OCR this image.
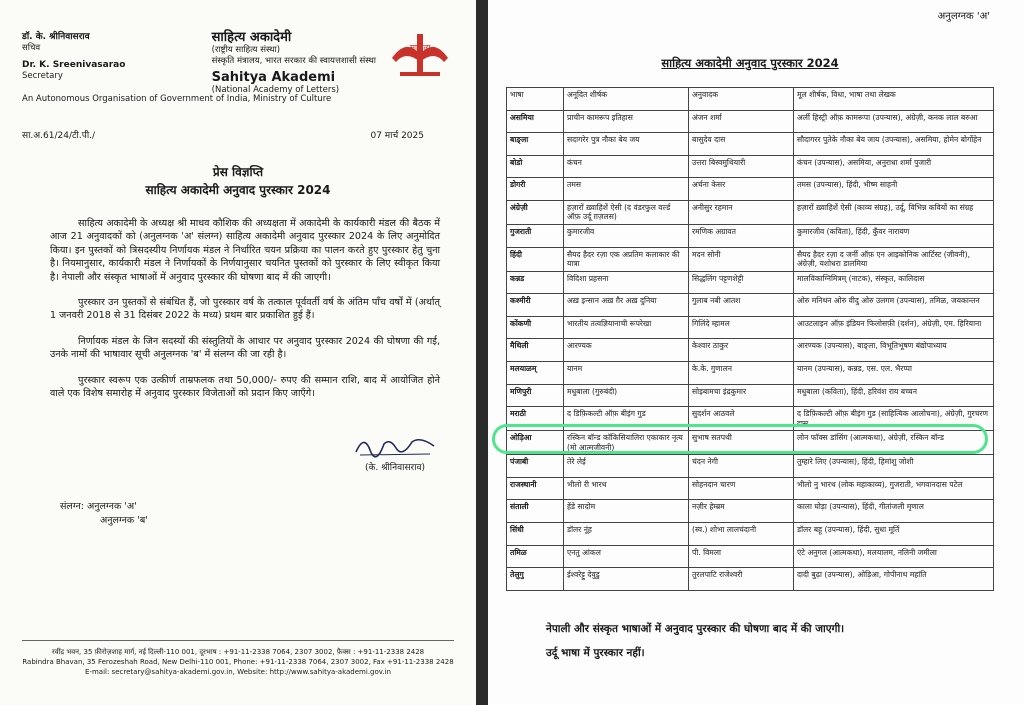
डॉ. के. श्रीनिवासराव
सचिव
Dr. K. Sreenivasarao
Secretary
साहित्य अकादेमी
(राष्ट्रीय साहित्य संस्था)
संस्कृति मंत्रालय, भारत सरकार की स्वायत्तशासी संस्था
Sahitya Akademi
(National Academy of Letters)
An Autonomous Organisation of Government of India, Ministry of Culture
साहित्य
सा.अ.61/24/टी.पी./	07 मार्च 2025
प्रेस विज्ञप्ति
साहित्य अकादेमी अनुवाद पुरस्कार 2024

साहित्य अकादेमी के अध्यक्ष श्री माधव कौशिक की अध्यक्षता में अकादेमी के कार्यकारी मंडल की बैठक में आज 21 अनुवादकों को (अनुलग्नक 'अ' संलग्न) साहित्य अकादेमी अनुवाद पुरस्कार 2024 के लिए अनुमोदित किया। इन पुस्तकों को त्रिसदस्यीय निर्णायक मंडल ने निर्धारित चयन प्रक्रिया का पालन करते हुए पुरस्कार हेतु चुना है। नियमानुसार, कार्यकारी मंडल ने निर्णायकों के निर्णयानुसार चयनित पुस्तकों को पुरस्कार के लिए स्वीकृत किया है। नेपाली और संस्कृत भाषाओं में अनुवाद पुरस्कार की घोषणा बाद में की जाएगी।

पुरस्कार उन पुस्तकों से संबंधित हैं, जो पुरस्कार वर्ष के तत्काल पूर्ववर्ती वर्ष के अंतिम पाँच वर्षों में (अर्थात् 1 जनवरी 2018 से 31 दिसंबर 2022 के मध्य) प्रथम बार प्रकाशित हुई हैं।

निर्णायक मंडल के जिन सदस्यों की संस्तुतियों के आधार पर अनुवाद पुरस्कार 2024 की घोषणा की गई, उनके नामों की भाषावार सूची अनुलग्नक 'ब' में संलग्न की जा रही है।

पुरस्कार स्वरूप एक उत्कीर्ण ताम्रफलक तथा 50,000/- रुपए की सम्मान राशि, बाद में आयोजित होने वाले एक विशेष समारोह में अनुवाद पुरस्कार विजेताओं को प्रदान किए जाएँगे।

(के. श्रीनिवासराव)
संलग्न: अनुलग्नक 'अ'
अनुलग्नक 'ब'
रवींद्र भवन, 35 फ़ीरोज़शाह मार्ग, नई दिल्ली-110 001, दूरभाष : +91-11-2338 7064, 2307 3002, फ़ैक्स : +91-11-2338 2428
Rabindra Bhavan, 35 Ferozeshah Road, New Delhi-110 001, Phone: +91-11-2338 7064, 2307 3002, Fax +91-11-2338 2428
E-mail: secretary@sahitya-akademi.gov.in, Website: http://www.sahitya-akademi.gov.in
अनुलग्नक 'अ'
साहित्य अकादेमी अनुवाद पुरस्कार 2024
भाषा	अनूदित शीर्षक	अनुवादक	मूल शीर्षक, विधा, भाषा तथा लेखक
असमिया	प्राचीन कामरूप इतिहास	अंजन शर्मा	अर्ली हिस्ट्री ऑफ़ कामरूपा (उपन्यास), अंग्रेज़ी, कनक लाल बरुआ
बाङ्ला	सदागरेर पुत्र नौका बेय जय	बासुदेव दास	सौदागरर पुतेके नौका बेय जाय (उपन्यास), असमिया, होमेन बोर्गोहेन
बोडो	कंचन	उत्तरा बिस्वमुथियारी	कंचन (उपन्यास), असमिया, अनुराधा शर्मा पुजारी
डोगरी	तमस	अर्चना केसर	तमस (उपन्यास), हिंदी, भीष्म साहनी
अंग्रेज़ी	हज़ारों ख़्वाहिशें ऐसी (द वंडरफुल वर्ल्ड ऑफ़ उर्दू ग़ज़लस)	अनीसुर रहमान	हज़ारों ख़्वाहिशें ऐसी (काव्य संग्रह), उर्दू, विभिन्न कवियों का संग्रह
गुजराती	कुमारजीव	रमणिक अग्रावत	कुमारजीव (कविता), हिंदी, कुँवर नारायण
हिंदी	सैयद हैदर रज़ा एक अप्रतिम कलाकार की यात्रा	मदन सोनी	सैयद हैदर रज़ा द जर्नी ऑफ़ एन आइकोनिक आर्टिस्ट (जीवनी), अंग्रेज़ी, यशोधरा डालमिया
कन्नड	विदिशा प्रहसना	सिद्धलिंग पट्टणशेट्टी	मालविकाग्निमित्रम् (नाटक), संस्कृत, कालिदास
कश्मीरी	अख़ इन्सान अख़ ग़ैर अख़ दुनिया	गुलाब नबी आतश	ओरु मनिथन ओरु वीदु ओरु उलगम (उपन्यास), तमिळ, जयकान्तन
कोंकणी	भारतीय तत्वज्ञियानाची रूपरेखा	गिलिंदे म्हामल	आउटलाइन ऑफ़ इंडियन फिलोसफ़ी (दर्शन), अंग्रेज़ी, एम. हिरियाना
मैथिली	आरण्यक	केश्वार ठाकुर	आरण्यक (उपन्यास), बाङ्ला, विभूतिभूषण बंद्योपाध्याय
मलयाळम्	यानम	के.के. गुणालन	यानम (उपन्यास), कन्नड, एस. एल. भैरप्पा
मणिपुरी	मधुबाला (गुरुबंदी)	सोइबामचा इंद्रकुमार	मधुबाला (कविता), हिंदी, हरिवंश राय बच्चन
मराठी	द डिफ़िकल्टी ऑफ़ बीइंग गुड	सुदर्शन आठवले	द डिफ़िकल्टी ऑफ़ बीइंग गुड (साहित्यिक आलोचना), अंग्रेज़ी, गुरचरण दास
ओड़िआ	रस्किन बॉन्ड कॉकिसियालिरा एकाकार नृत्य (मो आत्मजीवनी)	सुभाष सतपथी	लोन फॉक्स डांसिंग (आत्मकथा), अंग्रेज़ी, रस्किन बॉन्ड
पंजाबी	तेरे लेई	चंदन नेगी	तुम्हारे लिए (उपन्यास), हिंदी, हिमांशु जोशी
राजस्थानी	भीलो री भारथ	सोहनदान चारण	भीलो नु भारथ (लोक महाकाव्य), गुजराती, भगवानदास पटेल
संताली	हेंडे सादोम	नज़ीर हेम्ब्रम	काला घोड़ा (उपन्यास), हिंदी, गीतांजली मृणाल
सिंधी	डॉलर नूंह	(स्व.) शोभा लालचंदानी	डॉलर बहू (उपन्यास), हिंदी, सुधा मूर्ति
तमिळ	एनतु आंकल	पी. विमला	एंटे अनुगल (आत्मकथा), मलयालम, नलिनी जमीला
तेलुगु	ईश्वरेट्टु देवुडु	तुरलपाटि राजेश्वरी	दादी बुढ़ा (उपन्यास), ओड़िआ, गोपीनाथ महांति
नेपाली और संस्कृत भाषाओं में अनुवाद पुरस्कार की घोषणा बाद में की जाएगी।
उर्दू भाषा में पुरस्कार नहीं।
